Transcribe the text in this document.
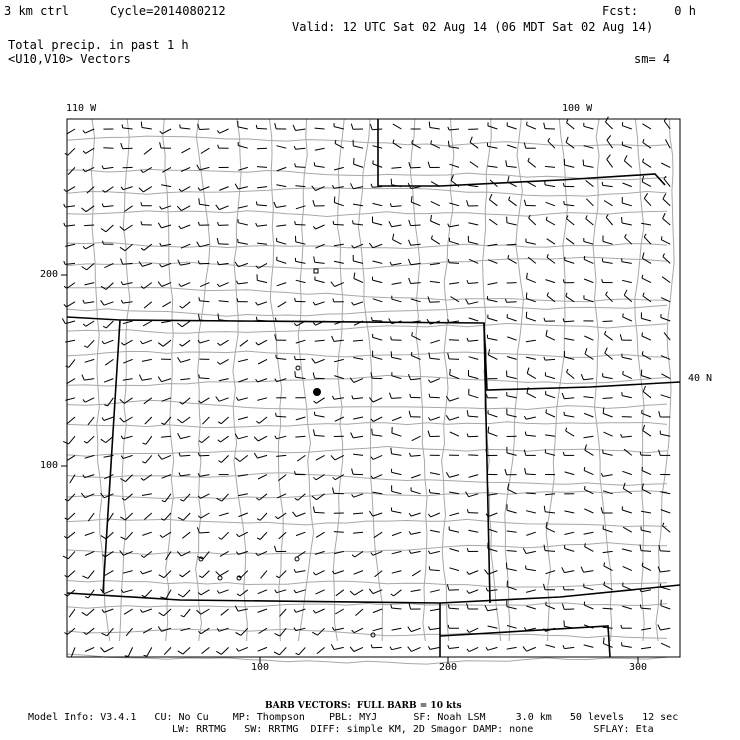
3 km ctrl	Cycle=2014080212	Fcst:     0 h
Valid: 12 UTC Sat 02 Aug 14 (06 MDT Sat 02 Aug 14)
Total precip. in past 1 h
<U10,V10> Vectors	sm= 4
110 W	100 W
40 N
200
100
100	200	300
BARB VECTORS:  FULL BARB = 10 kts
Model Info: V3.4.1   CU: No Cu    MP: Thompson    PBL: MYJ      SF: Noah LSM     3.0 km   50 levels   12 sec
LW: RRTMG   SW: RRTMG  DIFF: simple KM, 2D Smagor DAMP: none          SFLAY: Eta
